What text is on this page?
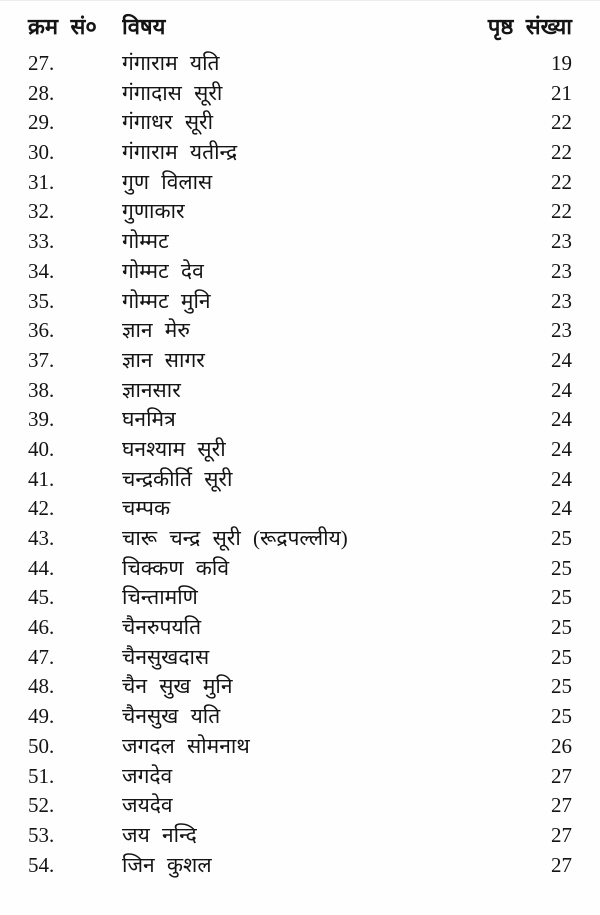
क्रम सं०	विषय	पृष्ठ संख्या
27.	गंगाराम यति	19
28.	गंगादास सूरी	21
29.	गंगाधर सूरी	22
30.	गंगाराम यतीन्द्र	22
31.	गुण विलास	22
32.	गुणाकार	22
33.	गोम्मट	23
34.	गोम्मट देव	23
35.	गोम्मट मुनि	23
36.	ज्ञान मेरु	23
37.	ज्ञान सागर	24
38.	ज्ञानसार	24
39.	घनमित्र	24
40.	घनश्याम सूरी	24
41.	चन्द्रकीर्ति सूरी	24
42.	चम्पक	24
43.	चारू चन्द्र सूरी (रूद्रपल्लीय)	25
44.	चिक्कण कवि	25
45.	चिन्तामणि	25
46.	चैनरुपयति	25
47.	चैनसुखदास	25
48.	चैन सुख मुनि	25
49.	चैनसुख यति	25
50.	जगदल सोमनाथ	26
51.	जगदेव	27
52.	जयदेव	27
53.	जय नन्दि	27
54.	जिन कुशल	27
